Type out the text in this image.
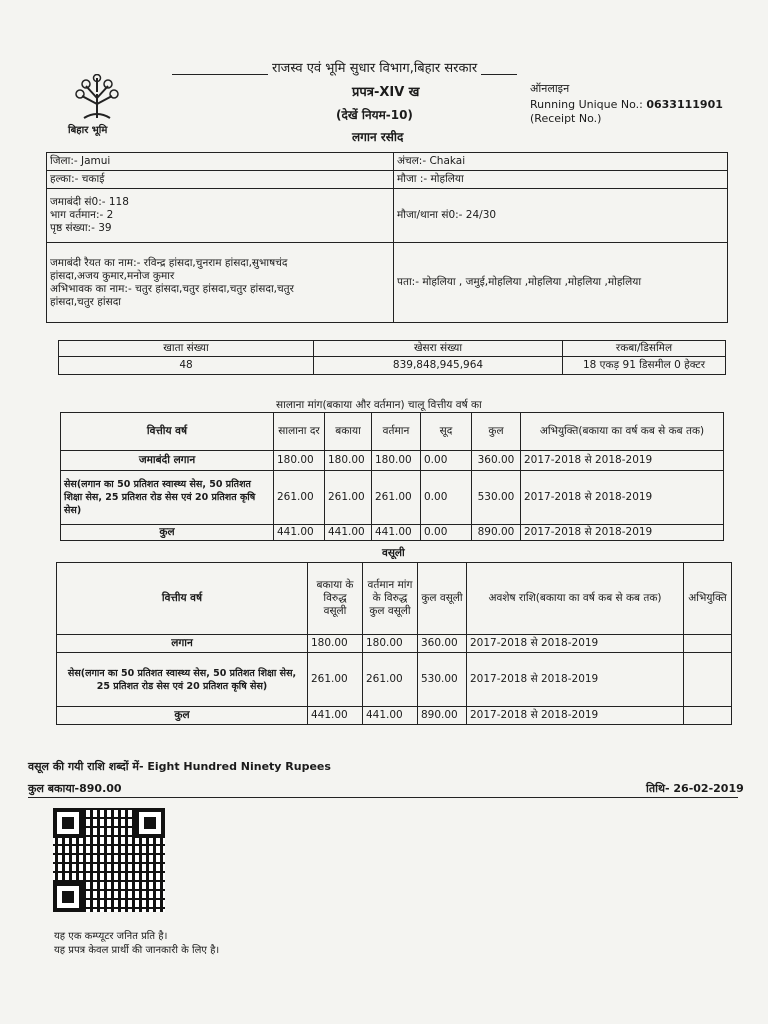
राजस्व एवं भूमि सुधार विभाग,बिहार सरकार
प्रपत्र-XIV ख
(देखें नियम-10)
लगान रसीद
बिहार भूमि
ऑनलाइन
Running Unique No.: 0633111901
(Receipt No.)
जिला:- Jamui	अंचल:- Chakai
हल्का:- चकाई	मौजा :- मोहलिया

जमाबंदी सं0:- 118
भाग वर्तमान:- 2
पृष्ठ संख्या:- 39	मौजा/थाना सं0:- 24/30

जमाबंदी रैयत का नाम:- रविन्द्र हांसदा,चुनराम हांसदा,सुभाषचंद
हांसदा,अजय कुमार,मनोज कुमार
अभिभावक का नाम:- चतुर हांसदा,चतुर हांसदा,चतुर हांसदा,चतुर
हांसदा,चतुर हांसदा	पता:- मोहलिया , जमुई,मोहलिया ,मोहलिया ,मोहलिया ,मोहलिया
खाता संख्या	खेसरा संख्या	रकबा/डिसमिल
48	839,848,945,964	18 एकड़ 91 डिसमील 0 हेक्टर
सालाना मांग(बकाया और वर्तमान) चालू वित्तीय वर्ष का
वित्तीय वर्ष	सालाना दर	बकाया	वर्तमान	सूद	कुल	अभियुक्ति(बकाया का वर्ष कब से कब तक)
जमाबंदी लगान	180.00	180.00	180.00	0.00	360.00	2017-2018 से 2018-2019
सेस(लगान का 50 प्रतिशत स्वास्थ्य सेस, 50 प्रतिशत शिक्षा सेस, 25 प्रतिशत रोड सेस एवं 20 प्रतिशत कृषि सेस)	261.00	261.00	261.00	0.00	530.00	2017-2018 से 2018-2019
कुल	441.00	441.00	441.00	0.00	890.00	2017-2018 से 2018-2019
वसूली
वित्तीय वर्ष	बकाया के विरुद्ध वसूली	वर्तमान मांग के विरुद्ध कुल वसूली	कुल वसूली	अवशेष राशि(बकाया का वर्ष कब से कब तक)	अभियुक्ति
लगान	180.00	180.00	360.00	2017-2018 से 2018-2019	
सेस(लगान का 50 प्रतिशत स्वास्थ्य सेस, 50 प्रतिशत शिक्षा सेस, 25 प्रतिशत रोड सेस एवं 20 प्रतिशत कृषि सेस)	261.00	261.00	530.00	2017-2018 से 2018-2019	
कुल	441.00	441.00	890.00	2017-2018 से 2018-2019	
वसूल की गयी राशि शब्दों में- Eight Hundred Ninety Rupees
कुल बकाया-890.00	तिथि- 26-02-2019
यह एक कम्प्यूटर जनित प्रति है।
यह प्रपत्र केवल प्रार्थी की जानकारी के लिए है।
